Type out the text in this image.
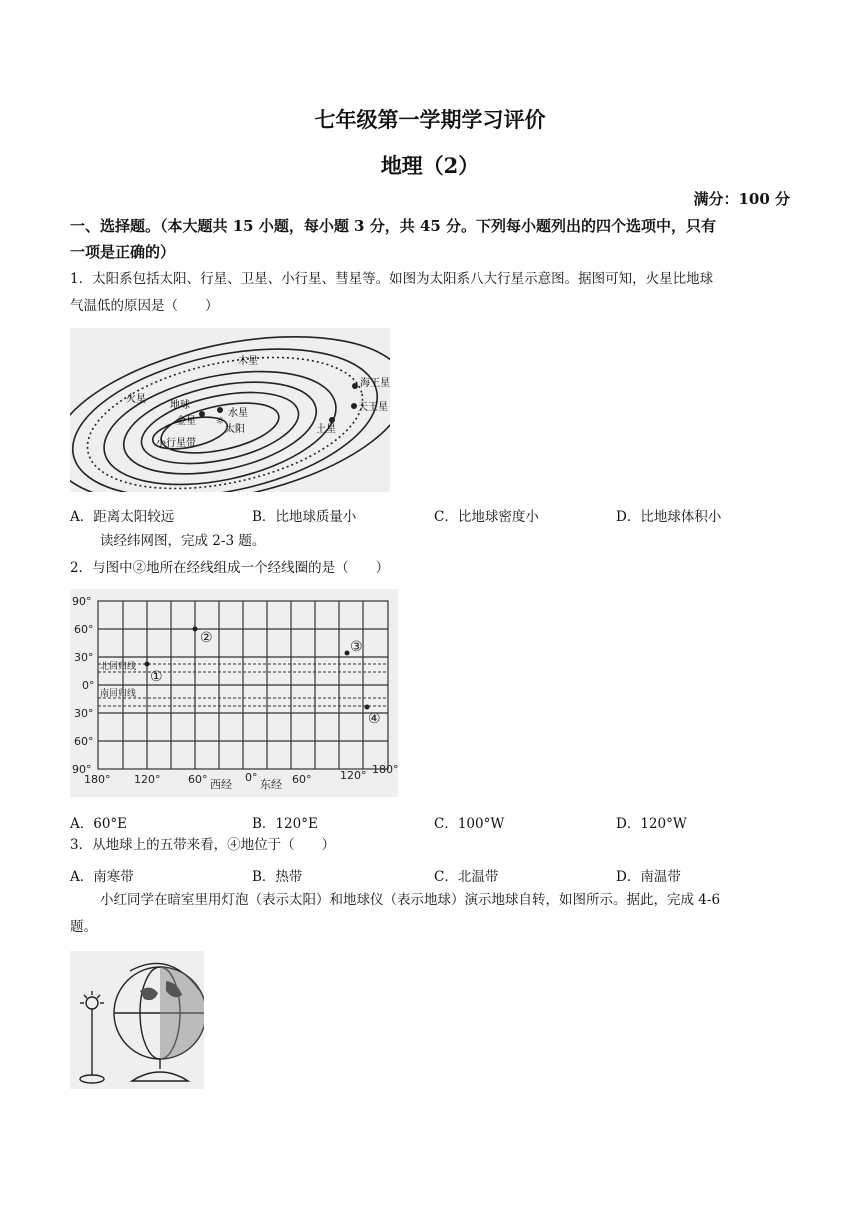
七年级第一学期学习评价
地理（2）
满分：100 分
一、选择题。（本大题共 15 小题，每小题 3 分，共 45 分。下列每小题列出的四个选项中，只有
一项是正确的）
1．太阳系包括太阳、行星、卫星、小行星、彗星等。如图为太阳系八大行星示意图。据图可知，火星比地球
气温低的原因是（　　）
☼
火星
地球
金星
水星
太阳
小行星带
木星
土星
天王星
海王星
A．距离太阳较远	B．比地球质量小	C．比地球密度小	D．比地球体积小
读经纬网图，完成 2-3 题。
2．与图中②地所在经线组成一个经线圈的是（　　）
90°
60°
30°
0°
30°
60°
90°
180° 120°	60° 西经
0°
东经 60°	120° 180°
北回归线
南回归线
①
②
③
④
A．60°E	B．120°E	C．100°W	D．120°W
3．从地球上的五带来看，④地位于（　　）
A．南寒带	B．热带	C．北温带	D．南温带
小红同学在暗室里用灯泡（表示太阳）和地球仪（表示地球）演示地球自转，如图所示。据此，完成 4-6
题。
